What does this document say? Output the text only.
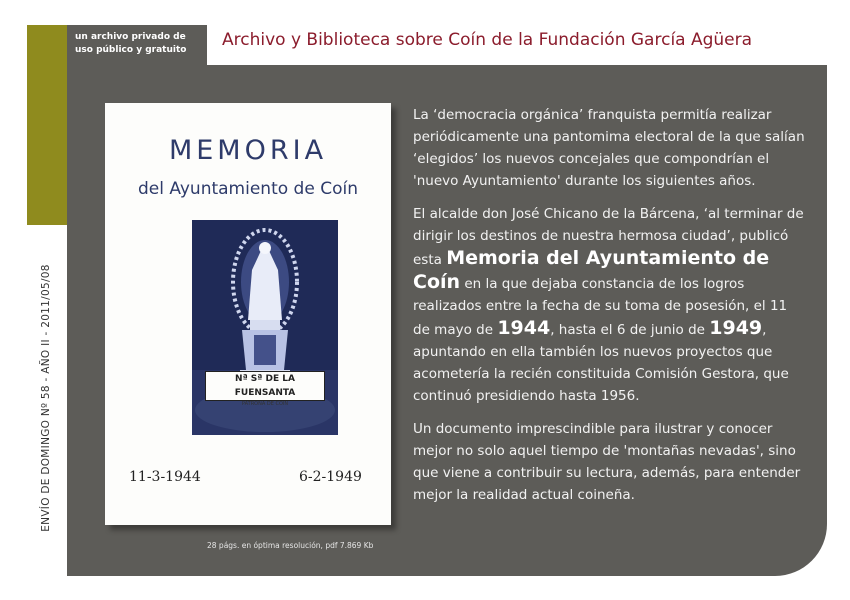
un archivo privado de
uso público y gratuito	Archivo y Biblioteca sobre Coín de la Fundación García Agüera
ENVÍO DE DOMINGO Nº 58 - AÑO II - 2011/05/08
MEMORIA
del Ayuntamiento de Coín
Nª Sª DE LA FUENSANTA
PATRONA DE COIN
11-3-1944	6-2-1949
28 págs. en óptima resolución, pdf 7.869 Kb

La ‘democracia orgánica’ franquista permitía realizar periódicamente una pantomima electoral de la que salían ‘elegidos’ los nuevos concejales que compondrían el 'nuevo Ayuntamiento' durante los siguientes años.

El alcalde don José Chicano de la Bárcena, ‘al terminar de dirigir los destinos de nuestra hermosa ciudad’, publicó esta Memoria del Ayuntamiento de Coín en la que dejaba constancia de los logros realizados entre la fecha de su toma de posesión, el 11 de mayo de 1944, hasta el 6 de junio de 1949, apuntando en ella también los nuevos proyectos que acometería la recién constituida Comisión Gestora, que continuó presidiendo hasta 1956.

Un documento imprescindible para ilustrar y conocer mejor no solo aquel tiempo de 'montañas nevadas', sino que viene a contribuir su lectura, además, para entender mejor la realidad actual coineña.
